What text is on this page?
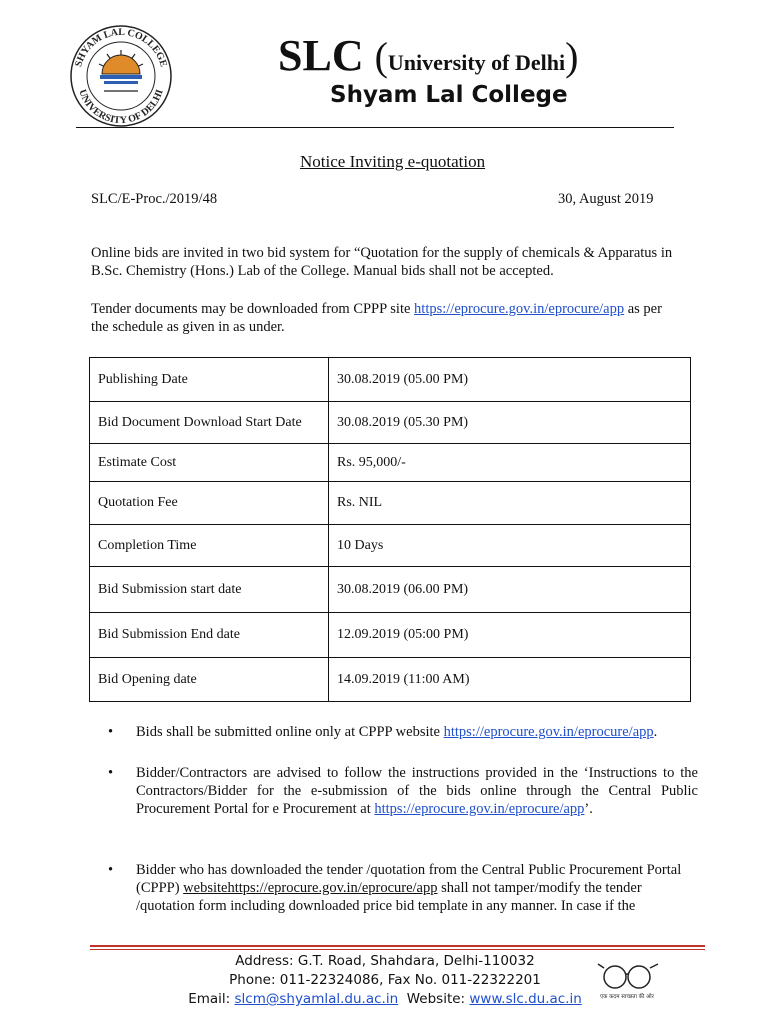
SHYAM LAL COLLEGE
UNIVERSITY OF DELHI
SLC (University of Delhi)
Shyam Lal College
Notice Inviting e-quotation
SLC/E-Proc./2019/48	30, August 2019
Online bids are invited in two bid system for “Quotation for the supply of chemicals & Apparatus in B.Sc. Chemistry (Hons.) Lab of the College. Manual bids shall not be accepted.
Tender documents may be downloaded from CPPP site https://eprocure.gov.in/eprocure/app as per the schedule as given in as under.
Publishing Date	30.08.2019 (05.00 PM)
Bid Document Download Start Date	30.08.2019 (05.30 PM)
Estimate Cost	Rs. 95,000/-
Quotation Fee	Rs. NIL
Completion Time	10 Days
Bid Submission start date	30.08.2019 (06.00 PM)
Bid Submission End date	12.09.2019 (05:00 PM)
Bid Opening date	14.09.2019 (11:00 AM)
• Bids shall be submitted online only at CPPP website https://eprocure.gov.in/eprocure/app.
• Bidder/Contractors are advised to follow the instructions provided in the ‘Instructions to the Contractors/Bidder for the e-submission of the bids online through the Central Public Procurement Portal for e Procurement at https://eprocure.gov.in/eprocure/app’.
• Bidder who has downloaded the tender /quotation from the Central Public Procurement Portal (CPPP) websitehttps://eprocure.gov.in/eprocure/app shall not tamper/modify the tender /quotation form including downloaded price bid template in any manner. In case if the
Address: G.T. Road, Shahdara, Delhi-110032
Phone: 011-22324086, Fax No. 011-22322201
Email: slcm@shyamlal.du.ac.in  Website: www.slc.du.ac.in	एक कदम स्वच्छता की ओर
